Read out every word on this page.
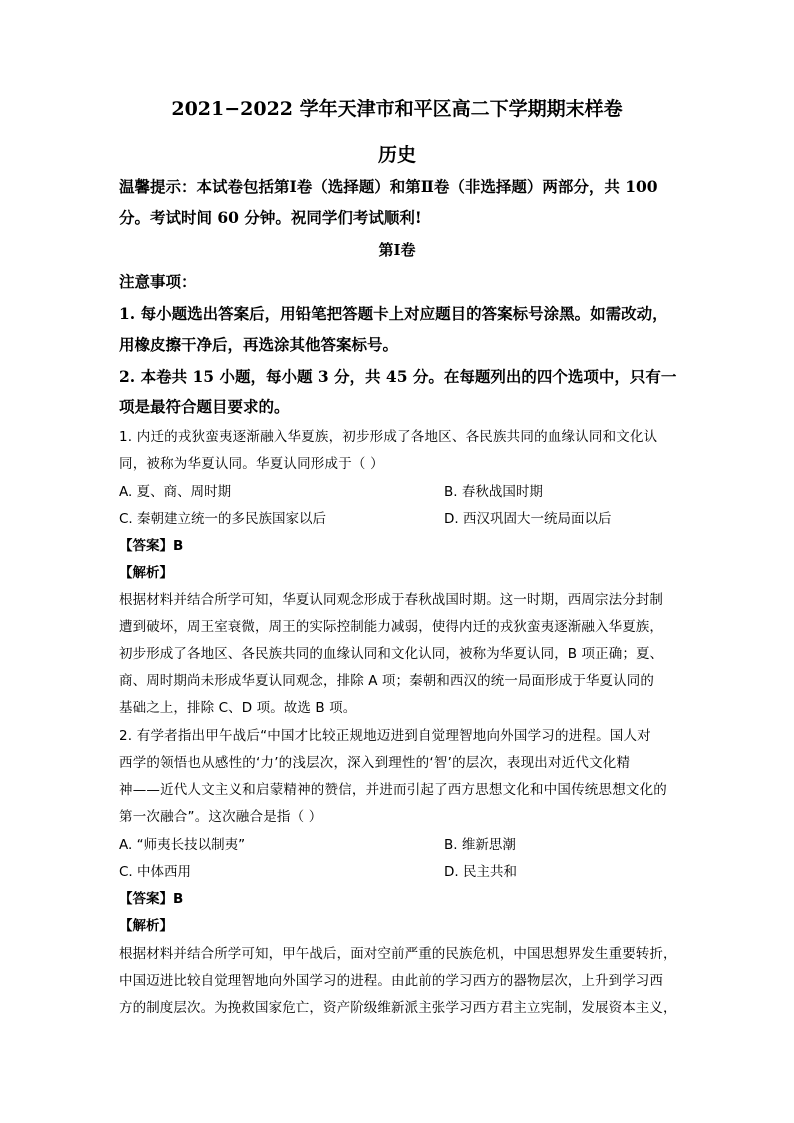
2021−2022 学年天津市和平区高二下学期期末样卷
历史
温馨提示：本试卷包括第Ⅰ卷（选择题）和第Ⅱ卷（非选择题）两部分，共 100
分。考试时间 60 分钟。祝同学们考试顺利!
第Ⅰ卷
注意事项：
1. 每小题选出答案后，用铅笔把答题卡上对应题目的答案标号涂黑。如需改动，
用橡皮擦干净后，再选涂其他答案标号。
2. 本卷共 15 小题，每小题 3 分，共 45 分。在每题列出的四个选项中，只有一
项是最符合题目要求的。
1. 内迁的戎狄蛮夷逐渐融入华夏族，初步形成了各地区、各民族共同的血缘认同和文化认
同，被称为华夏认同。华夏认同形成于（ ）
A. 夏、商、周时期	B. 春秋战国时期
C. 秦朝建立统一的多民族国家以后	D. 西汉巩固大一统局面以后
【答案】B
【解析】
根据材料并结合所学可知，华夏认同观念形成于春秋战国时期。这一时期，西周宗法分封制
遭到破坏，周王室衰微，周王的实际控制能力减弱，使得内迁的戎狄蛮夷逐渐融入华夏族，
初步形成了各地区、各民族共同的血缘认同和文化认同，被称为华夏认同，B 项正确；夏、
商、周时期尚未形成华夏认同观念，排除 A 项；秦朝和西汉的统一局面形成于华夏认同的
基础之上，排除 C、D 项。故选 B 项。
2. 有学者指出甲午战后“中国才比较正规地迈进到自觉理智地向外国学习的进程。国人对
西学的领悟也从感性的‘力’的浅层次，深入到理性的‘智’的层次，表现出对近代文化精
神——近代人文主义和启蒙精神的赞信，并进而引起了西方思想文化和中国传统思想文化的
第一次融合”。这次融合是指（ ）
A. “师夷长技以制夷”	B. 维新思潮
C. 中体西用	D. 民主共和
【答案】B
【解析】
根据材料并结合所学可知，甲午战后，面对空前严重的民族危机，中国思想界发生重要转折，
中国迈进比较自觉理智地向外国学习的进程。由此前的学习西方的器物层次，上升到学习西
方的制度层次。为挽救国家危亡，资产阶级维新派主张学习西方君主立宪制，发展资本主义，
